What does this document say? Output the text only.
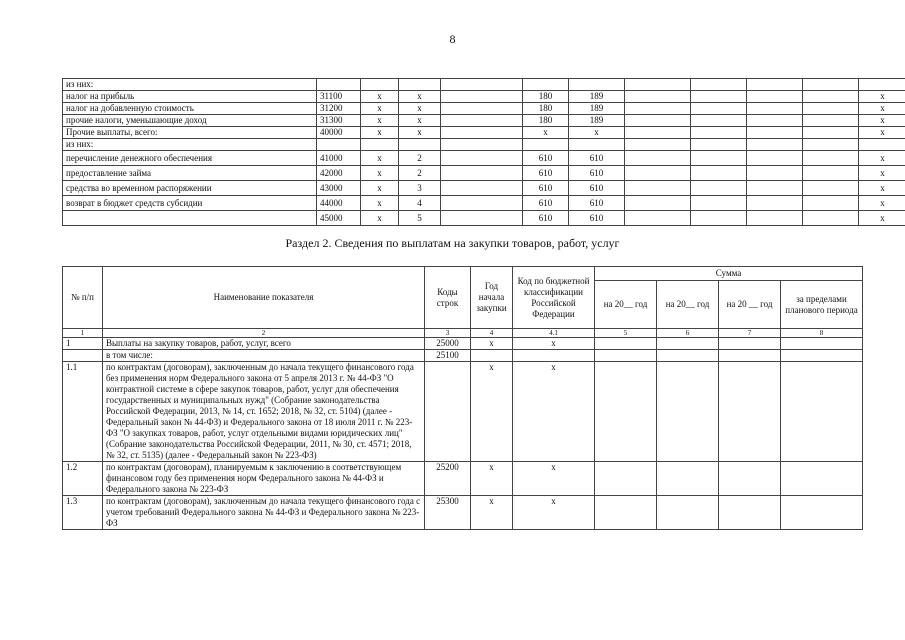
8
из них:											
налог на прибыль	31100	x	x		180	189					x
налог на добавленную стоимость	31200	x	x		180	189					x
прочие налоги, уменьшающие доход	31300	x	x		180	189					x
Прочие выплаты, всего:	40000	x	x		x	x					x
из них:											
перечисление денежного обеспечения	41000	x	2		610	610					x
предоставление займа	42000	x	2		610	610					x
средства во временном распоряжении	43000	x	3		610	610					x
возврат в бюджет средств субсидии	44000	x	4		610	610					x
	45000	x	5		610	610					x
Раздел 2. Сведения по выплатам на закупки товаров, работ, услуг
№ п/п	Наименование показателя	Коды строк	Год начала закупки	Код по бюджетной классификации Российской Федерации	Сумма			
					на 20__ год	на 20__ год	на 20 __ год	за пределами планового периода
1	2	3	4	4.1	5	6	7	8
1	Выплаты на закупку товаров, работ, услуг, всего	25000	x	x				
	в том числе:	25100						
1.1	по контрактам (договорам), заключенным до начала текущего финансового года без применения норм Федерального закона от 5 апреля 2013 г. № 44-ФЗ "О контрактной системе в сфере закупок товаров, работ, услуг для обеспечения государственных и муниципальных нужд" (Собрание законодательства Российской Федерации, 2013, № 14, ст. 1652; 2018, № 32, ст. 5104) (далее - Федеральный закон № 44-ФЗ) и Федерального закона от 18 июля 2011 г. № 223-ФЗ "О закупках товаров, работ, услуг отдельными видами юридических лиц" (Собрание законодательства Российской Федерации, 2011, № 30, ст. 4571; 2018, № 32, ст. 5135) (далее - Федеральный закон № 223-ФЗ)		x	x				
1.2	по контрактам (договорам), планируемым к заключению в соответствующем финансовом году без применения норм Федерального закона № 44-ФЗ и Федерального закона № 223-ФЗ	25200	x	x				
1.3	по контрактам (договорам), заключенным до начала текущего финансового года с учетом требований Федерального закона № 44-ФЗ и Федерального закона № 223-ФЗ	25300	x	x				
